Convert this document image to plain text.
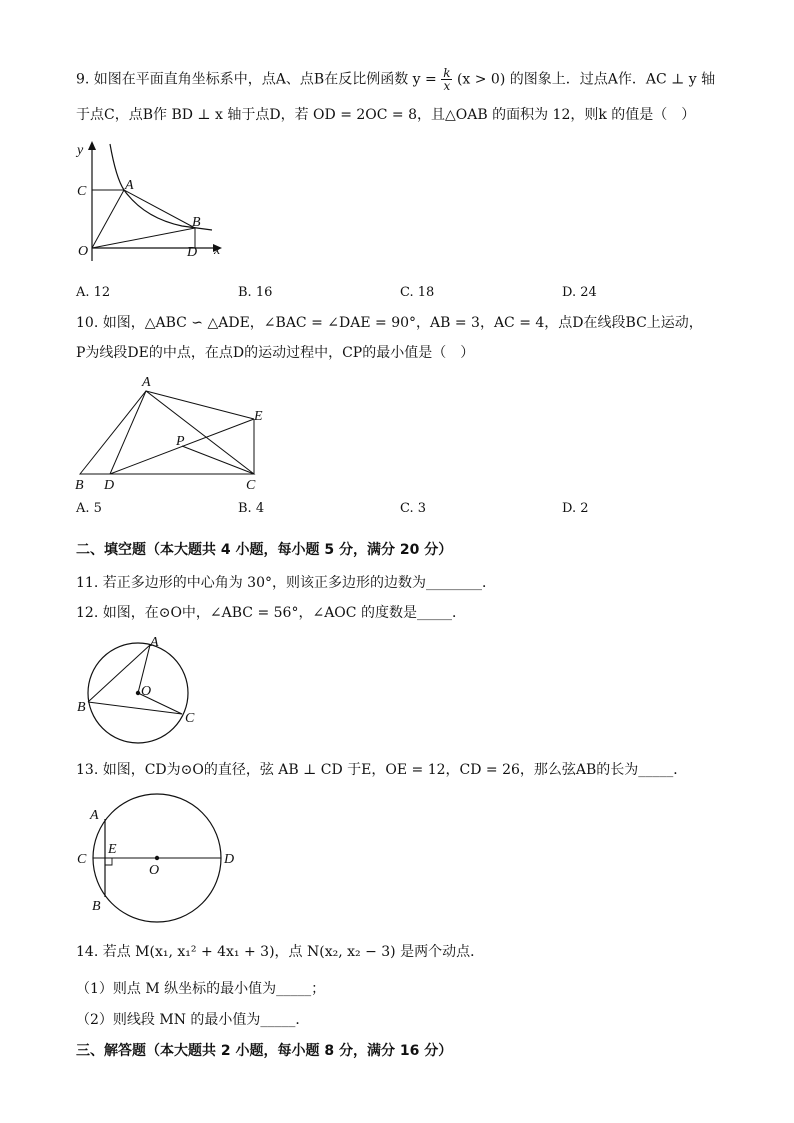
9. 如图在平面直角坐标系中，点A、点B在反比例函数 $y = \frac{k}{x} (x > 0)$ 的图象上．过点A作．AC ⊥ y 轴
于点C，点B作 BD ⊥ x 轴于点D，若 OD = 2OC = 8，且△OAB 的面积为 12，则k 的值是（　）
y
x
C	A
B
O	D
A. 12	B. 16	C. 18	D. 24
10. 如图，△ABC ∽ △ADE，∠BAC = ∠DAE = 90°，AB = 3，AC = 4，点D在线段BC上运动，
P为线段DE的中点，在点D的运动过程中，CP的最小值是（　）
A
E
P
B D	C
A. 5	B. 4	C. 3	D. 2
二、填空题（本大题共 4 小题，每小题 5 分，满分 20 分）
11. 若正多边形的中心角为 30°，则该正多边形的边数为________．
12. 如图，在⊙O中，∠ABC = 56°，∠AOC 的度数是_____．
A
O
B
C
13. 如图，CD为⊙O的直径，弦 AB ⊥ CD 于E，OE = 12，CD = 26，那么弦AB的长为_____．
A
C
E
O
D
B
14. 若点 M(x₁, x₁² + 4x₁ + 3)，点 N(x₂, x₂ − 3) 是两个动点．
（1）则点 M 纵坐标的最小值为_____；
（2）则线段 MN 的最小值为_____．
三、解答题（本大题共 2 小题，每小题 8 分，满分 16 分）
